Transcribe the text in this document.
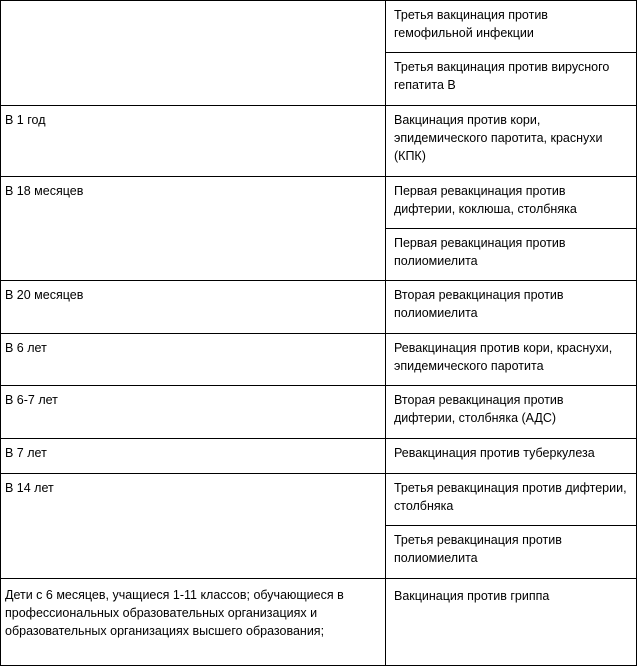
	Третья вакцинация против гемофильной инфекции

	Третья вакцинация против вирусного гепатита В

В 1 год	Вакцинация против кори, эпидемического паротита, краснухи (КПК)

В 18 месяцев	Первая ревакцинация против дифтерии, коклюша, столбняка

	Первая ревакцинация против полиомиелита

В 20 месяцев	Вторая ревакцинация против полиомиелита

В 6 лет	Ревакцинация против кори, краснухи, эпидемического паротита

В 6-7 лет	Вторая ревакцинация против дифтерии, столбняка (АДС)

В 7 лет	Ревакцинация против туберкулеза

В 14 лет	Третья ревакцинация против дифтерии, столбняка

	Третья ревакцинация против полиомиелита

Дети с 6 месяцев, учащиеся 1-11 классов; обучающиеся в профессиональных образовательных организациях и образовательных организациях высшего образования;	Вакцинация против гриппа
